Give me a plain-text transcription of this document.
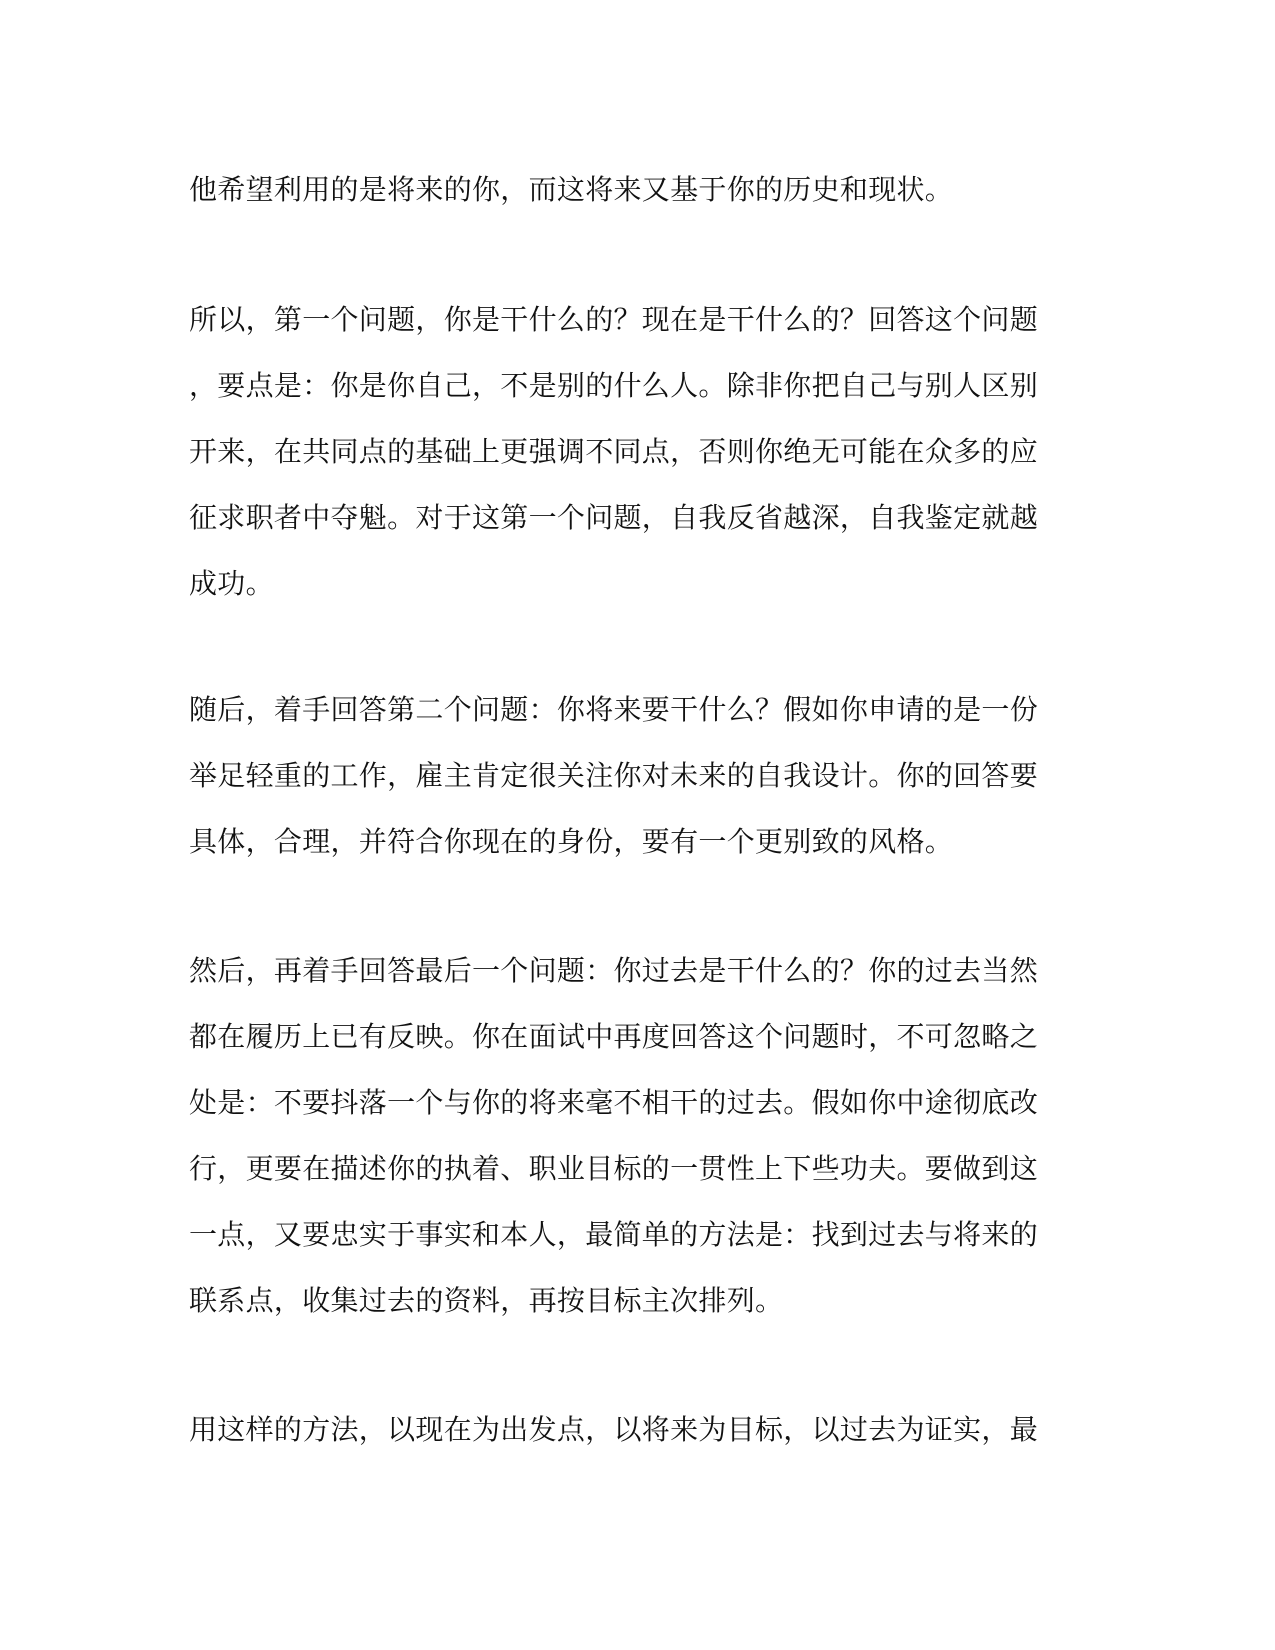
他希望利用的是将来的你，而这将来又基于你的历史和现状。
所以，第一个问题，你是干什么的？现在是干什么的？回答这个问题
，要点是：你是你自己，不是别的什么人。除非你把自己与别人区别
开来，在共同点的基础上更强调不同点，否则你绝无可能在众多的应
征求职者中夺魁。对于这第一个问题，自我反省越深，自我鉴定就越
成功。
随后，着手回答第二个问题：你将来要干什么？假如你申请的是一份
举足轻重的工作，雇主肯定很关注你对未来的自我设计。你的回答要
具体，合理，并符合你现在的身份，要有一个更别致的风格。
然后，再着手回答最后一个问题：你过去是干什么的？你的过去当然
都在履历上已有反映。你在面试中再度回答这个问题时，不可忽略之
处是：不要抖落一个与你的将来毫不相干的过去。假如你中途彻底改
行，更要在描述你的执着、职业目标的一贯性上下些功夫。要做到这
一点，又要忠实于事实和本人，最简单的方法是：找到过去与将来的
联系点，收集过去的资料，再按目标主次排列。
用这样的方法，以现在为出发点，以将来为目标，以过去为证实，最
